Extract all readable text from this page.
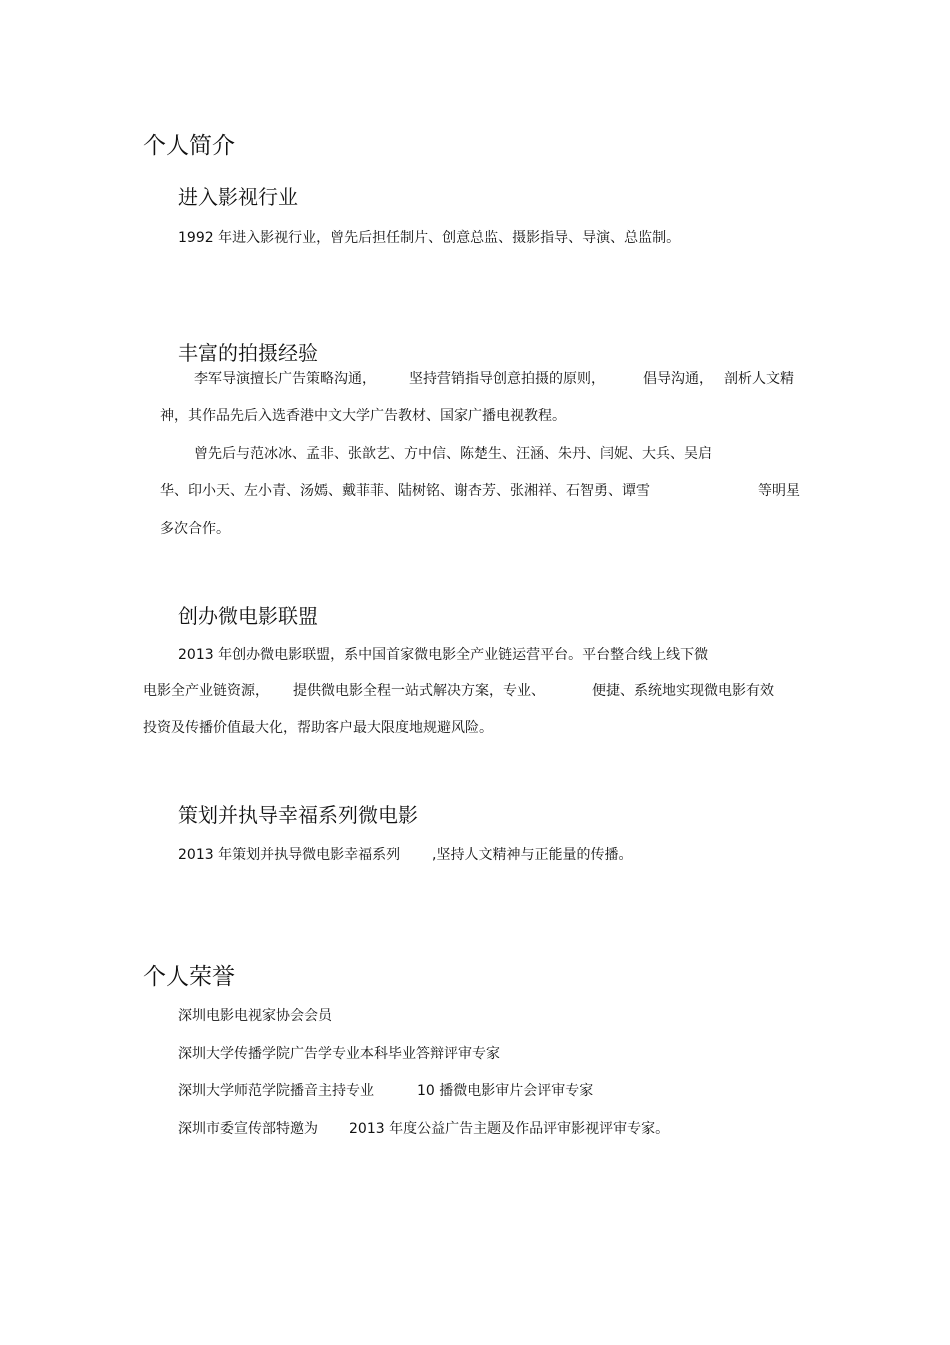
个人简介
进入影视行业
1992 年进入影视行业，曾先后担任制片、创意总监、摄影指导、导演、总监制。
丰富的拍摄经验
李军导演擅长广告策略沟通， 坚持营销指导创意拍摄的原则，	倡导沟通， 剖析人文精
神，其作品先后入选香港中文大学广告教材、国家广播电视教程。
曾先后与范冰冰、孟非、张歆艺、方中信、陈楚生、汪涵、朱丹、闫妮、大兵、吴启
华、印小天、左小青、汤嫣、戴菲菲、陆树铭、谢杏芳、张湘祥、石智勇、谭雪	等明星
多次合作。
创办微电影联盟
2013 年创办微电影联盟，系中国首家微电影全产业链运营平台。平台整合线上线下微
电影全产业链资源， 提供微电影全程一站式解决方案，专业、	便捷、系统地实现微电影有效
投资及传播价值最大化，帮助客户最大限度地规避风险。
策划并执导幸福系列微电影
2013 年策划并执导微电影幸福系列 ,坚持人文精神与正能量的传播。
个人荣誉
深圳电影电视家协会会员
深圳大学传播学院广告学专业本科毕业答辩评审专家
深圳大学师范学院播音主持专业	10 播微电影审片会评审专家
深圳市委宣传部特邀为 2013 年度公益广告主题及作品评审影视评审专家。
